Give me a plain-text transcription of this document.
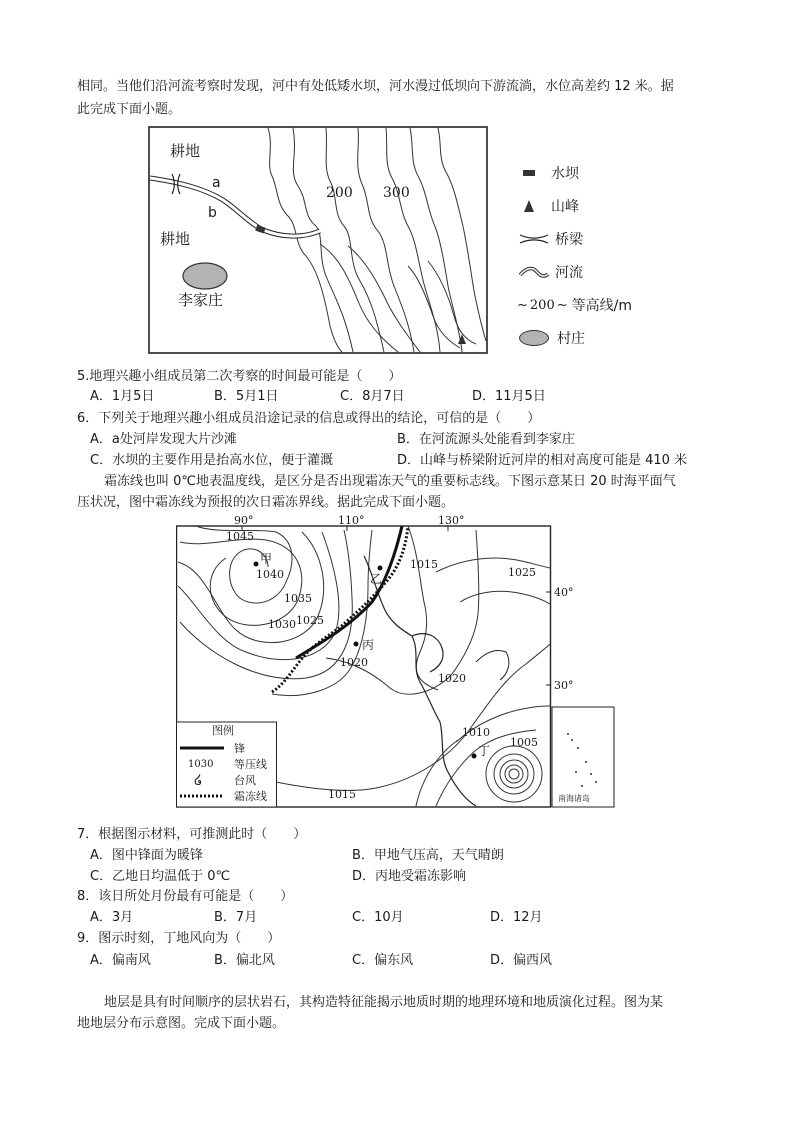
相同。当他们沿河流考察时发现，河中有处低矮水坝，河水漫过低坝向下游流淌，水位高差约 12 米。据
此完成下面小题。
耕地
a
b
耕地
李家庄
200 300
水坝
山峰
桥梁
河流
~ 200 ~ 等高线/m
村庄
5.地理兴趣小组成员第二次考察的时间最可能是（　　）
A．1月5日	B．5月1日	C．8月7日	D．11月5日
6．下列关于地理兴趣小组成员沿途记录的信息或得出的结论，可信的是（　　）
A．a处河岸发现大片沙滩	B．在河流源头处能看到李家庄
C．水坝的主要作用是抬高水位，便于灌溉	D．山峰与桥梁附近河岸的相对高度可能是 410 米
霜冻线也叫 0℃地表温度线，是区分是否出现霜冻天气的重要标志线。下图示意某日 20 时海平面气
压状况，图中霜冻线为预报的次日霜冻界线。据此完成下面小题。
90°	110°	130°
40°
30°
1045
1040
1035
1030 1025
1025
1020
1020
1015
1015
1010
1005
甲
乙
丙
丁
南海诸岛
图例
锋
1030 等压线
霜冻线
໒	台风
7．根据图示材料，可推测此时（　　）
A．图中锋面为暖锋	B．甲地气压高，天气晴朗
C．乙地日均温低于 0℃	D．丙地受霜冻影响
8．该日所处月份最有可能是（　　）
A．3月	B．7月	C．10月	D．12月
9．图示时刻，丁地风向为（　　）
A．偏南风	B．偏北风	C．偏东风	D．偏西风
地层是具有时间顺序的层状岩石，其构造特征能揭示地质时期的地理环境和地质演化过程。图为某
地地层分布示意图。完成下面小题。
